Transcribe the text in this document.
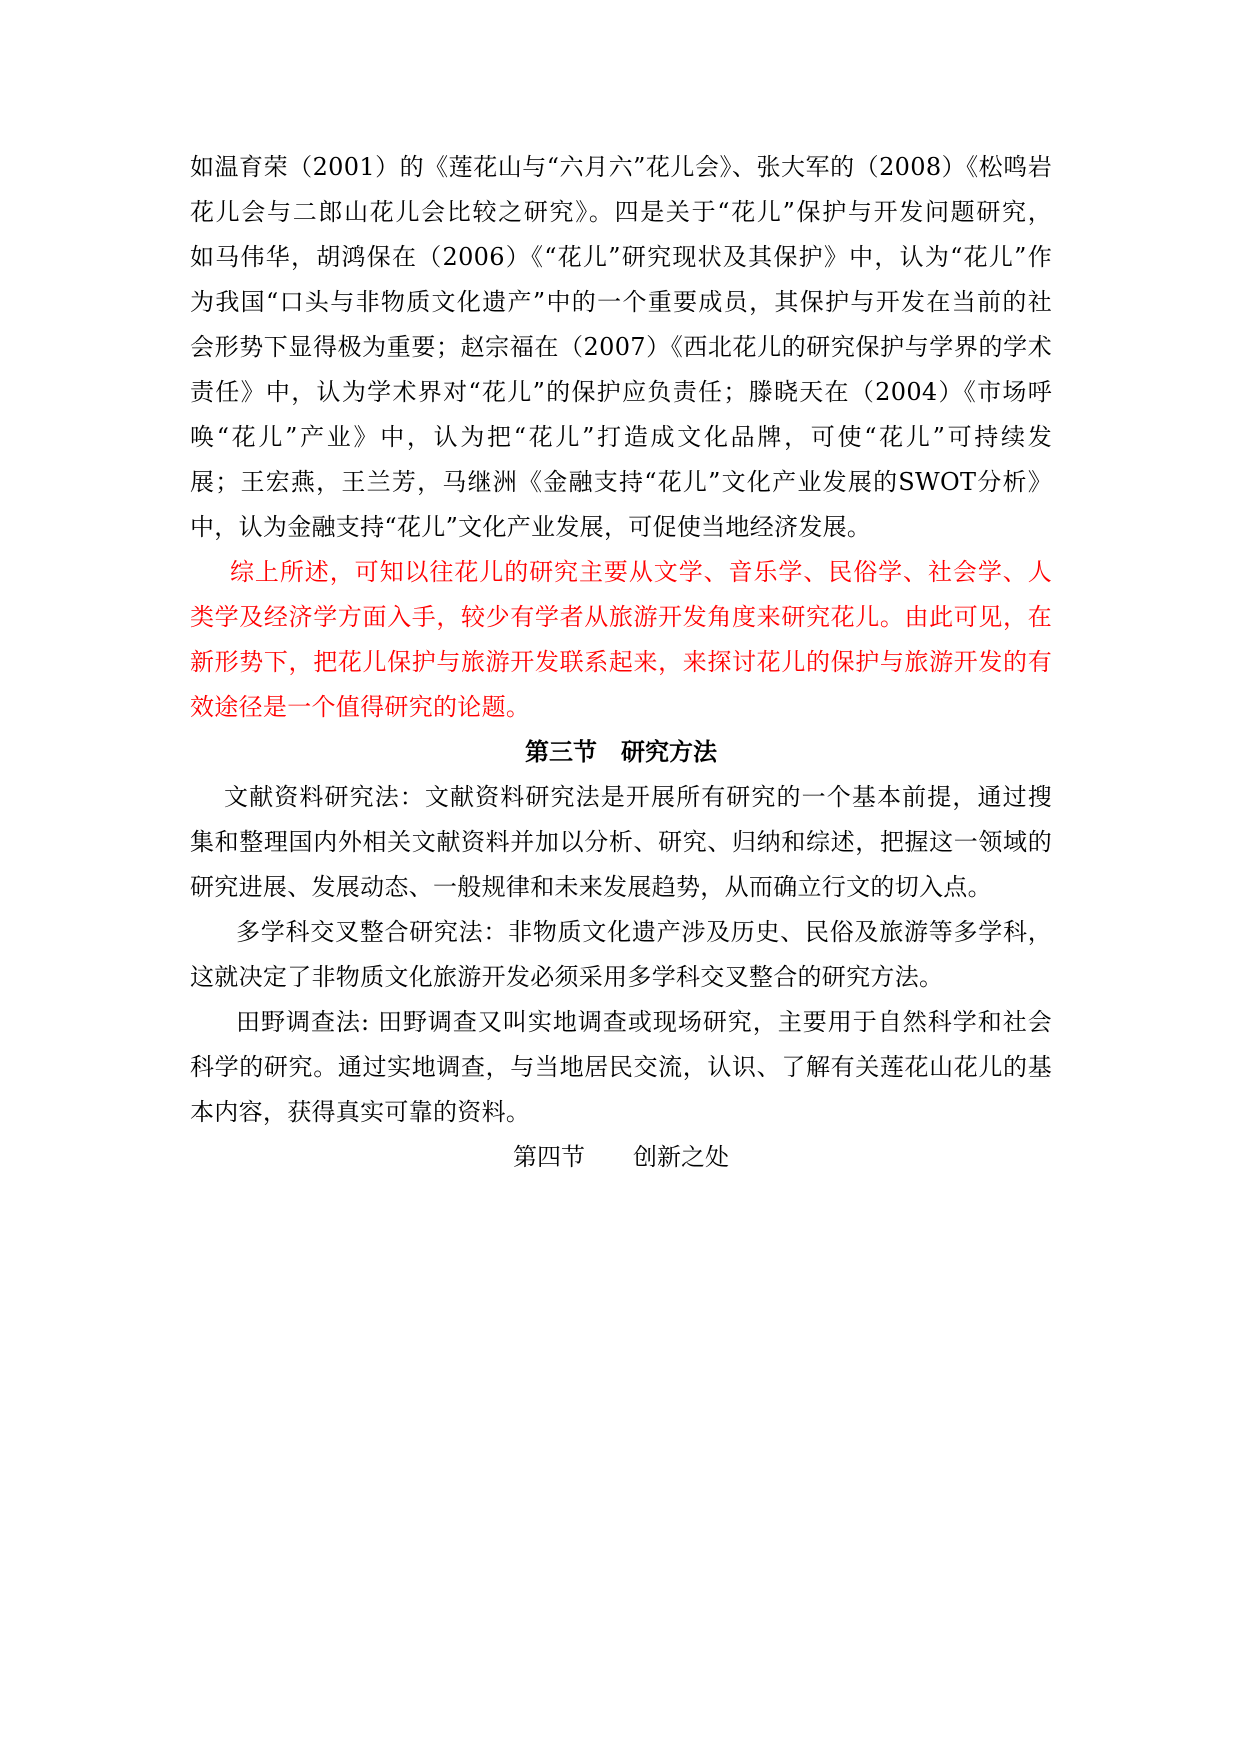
如温育荣（2001）的《莲花山与“六月六”花儿会》、张大军的（2008）《松鸣岩
花儿会与二郎山花儿会比较之研究》。四是关于“花儿”保护与开发问题研究，
如马伟华，胡鸿保在（2006）《“花儿”研究现状及其保护》中，认为“花儿”作
为我国“口头与非物质文化遗产”中的一个重要成员，其保护与开发在当前的社
会形势下显得极为重要；赵宗福在（2007）《西北花儿的研究保护与学界的学术
责任》中，认为学术界对“花儿”的保护应负责任；滕晓天在（2004）《市场呼
唤“花儿”产业》中，认为把“花儿”打造成文化品牌，可使“花儿”可持续发
展；王宏燕，王兰芳，马继洲《金融支持“花儿”文化产业发展的SWOT分析》
中，认为金融支持“花儿”文化产业发展，可促使当地经济发展。
综上所述，可知以往花儿的研究主要从文学、音乐学、民俗学、社会学、人
类学及经济学方面入手，较少有学者从旅游开发角度来研究花儿。由此可见，在
新形势下，把花儿保护与旅游开发联系起来，来探讨花儿的保护与旅游开发的有
效途径是一个值得研究的论题。
第三节　研究方法
文献资料研究法：文献资料研究法是开展所有研究的一个基本前提，通过搜
集和整理国内外相关文献资料并加以分析、研究、归纳和综述，把握这一领域的
研究进展、发展动态、一般规律和未来发展趋势，从而确立行文的切入点。
多学科交叉整合研究法：非物质文化遗产涉及历史、民俗及旅游等多学科，
这就决定了非物质文化旅游开发必须采用多学科交叉整合的研究方法。
田野调查法: 田野调查又叫实地调查或现场研究，主要用于自然科学和社会
科学的研究。通过实地调查，与当地居民交流，认识、了解有关莲花山花儿的基
本内容，获得真实可靠的资料。
第四节　　创新之处
